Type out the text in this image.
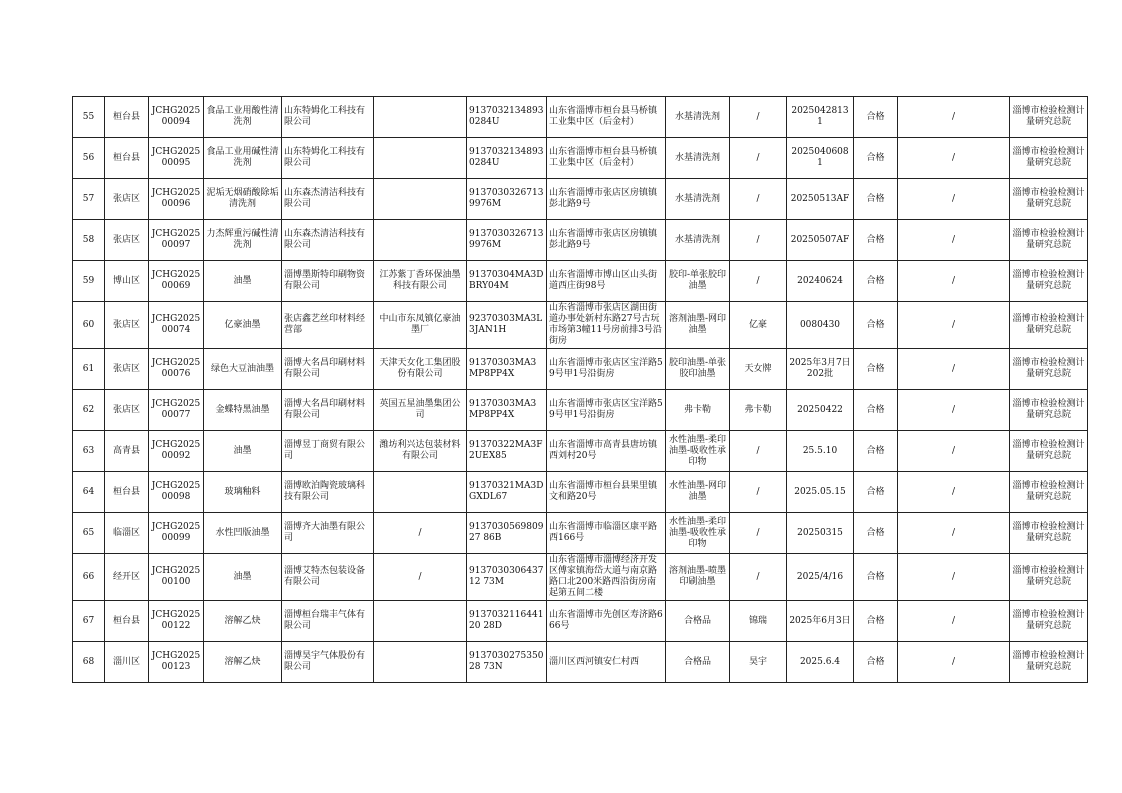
55	桓台县	JCHG202500094	食品工业用酸性清洗剂	山东特姆化工科技有限公司		91370321348930284U	山东省淄博市桓台县马桥镇工业集中区（后金村）	水基清洗剂	/	20250428131	合格	/	淄博市检验检测计量研究总院
56	桓台县	JCHG202500095	食品工业用碱性清洗剂	山东特姆化工科技有限公司		91370321348930284U	山东省淄博市桓台县马桥镇工业集中区（后金村）	水基清洗剂	/	20250406081	合格	/	淄博市检验检测计量研究总院
57	张店区	JCHG202500096	泥垢无烟硝酸除垢清洗剂	山东森杰清洁科技有限公司		91370303267139976M	山东省淄博市张店区房镇镇彭北路9号	水基清洗剂	/	20250513AF	合格	/	淄博市检验检测计量研究总院
58	张店区	JCHG202500097	力杰辉重污碱性清洗剂	山东森杰清洁科技有限公司		91370303267139976M	山东省淄博市张店区房镇镇彭北路9号	水基清洗剂	/	20250507AF	合格	/	淄博市检验检测计量研究总院
59	博山区	JCHG202500069	油墨	淄博墨斯特印刷物资有限公司	江苏紫丁香环保油墨科技有限公司	91370304MA3DBRY04M	山东省淄博市博山区山头街道西庄街98号	胶印-单张胶印油墨	/	20240624	合格	/	淄博市检验检测计量研究总院
60	张店区	JCHG202500074	亿豪油墨	张店鑫艺丝印材料经营部	中山市东凤镇亿豪油墨厂	92370303MA3L3JAN1H	山东省淄博市张店区湖田街道办事处新村东路27号古玩市场第3幢11号房前排3号沿街房	溶剂油墨-网印油墨	亿豪	0080430	合格	/	淄博市检验检测计量研究总院
61	张店区	JCHG202500076	绿色大豆油油墨	淄博大名昌印刷材料有限公司	天津天女化工集团股份有限公司	91370303MA3MP8PP4X	山东省淄博市张店区宝洋路59号甲1号沿街房	胶印油墨-单张胶印油墨	天女牌	2025年3月7日202批	合格	/	淄博市检验检测计量研究总院
62	张店区	JCHG202500077	金蝶特黑油墨	淄博大名昌印刷材料有限公司	英国五星油墨集团公司	91370303MA3MP8PP4X	山东省淄博市张店区宝洋路59号甲1号沿街房	弗卡勒	弗卡勒	20250422	合格	/	淄博市检验检测计量研究总院
63	高青县	JCHG202500092	油墨	淄博昱丁商贸有限公司	潍坊利兴达包装材料有限公司	91370322MA3F2UEX85	山东省淄博市高青县唐坊镇西刘村20号	水性油墨-柔印油墨-吸收性承印物	/	25.5.10	合格	/	淄博市检验检测计量研究总院
64	桓台县	JCHG202500098	玻璃釉料	淄博欧泊陶瓷玻璃科技有限公司		91370321MA3DGXDL67	山东省淄博市桓台县果里镇文和路20号	水性油墨-网印油墨	/	2025.05.15	合格	/	淄博市检验检测计量研究总院
65	临淄区	JCHG202500099	水性凹版油墨	淄博齐大油墨有限公司	/	913703056980927 86B	山东省淄博市临淄区康平路西166号	水性油墨-柔印油墨-吸收性承印物	/	20250315	合格	/	淄博市检验检测计量研究总院
66	经开区	JCHG202500100	油墨	淄博艾特杰包装设备有限公司	/	913703030643712 73M	山东省淄博市淄博经济开发区傅家镇海岱大道与南京路路口北200米路西沿街房南起第五间二楼	溶剂油墨-喷墨印刷油墨	/	2025/4/16	合格	/	淄博市检验检测计量研究总院
67	桓台县	JCHG202500122	溶解乙炔	淄博桓台瑞丰气体有限公司		913703211644120 28D	山东省淄博市先创区寿济路666号	合格品	锦瑞	2025年6月3日	合格	/	淄博市检验检测计量研究总院
68	淄川区	JCHG202500123	溶解乙炔	淄博昊宇气体股份有限公司		913703027535028 73N	淄川区西河镇安仁村西	合格品	昊宇	2025.6.4	合格	/	淄博市检验检测计量研究总院
